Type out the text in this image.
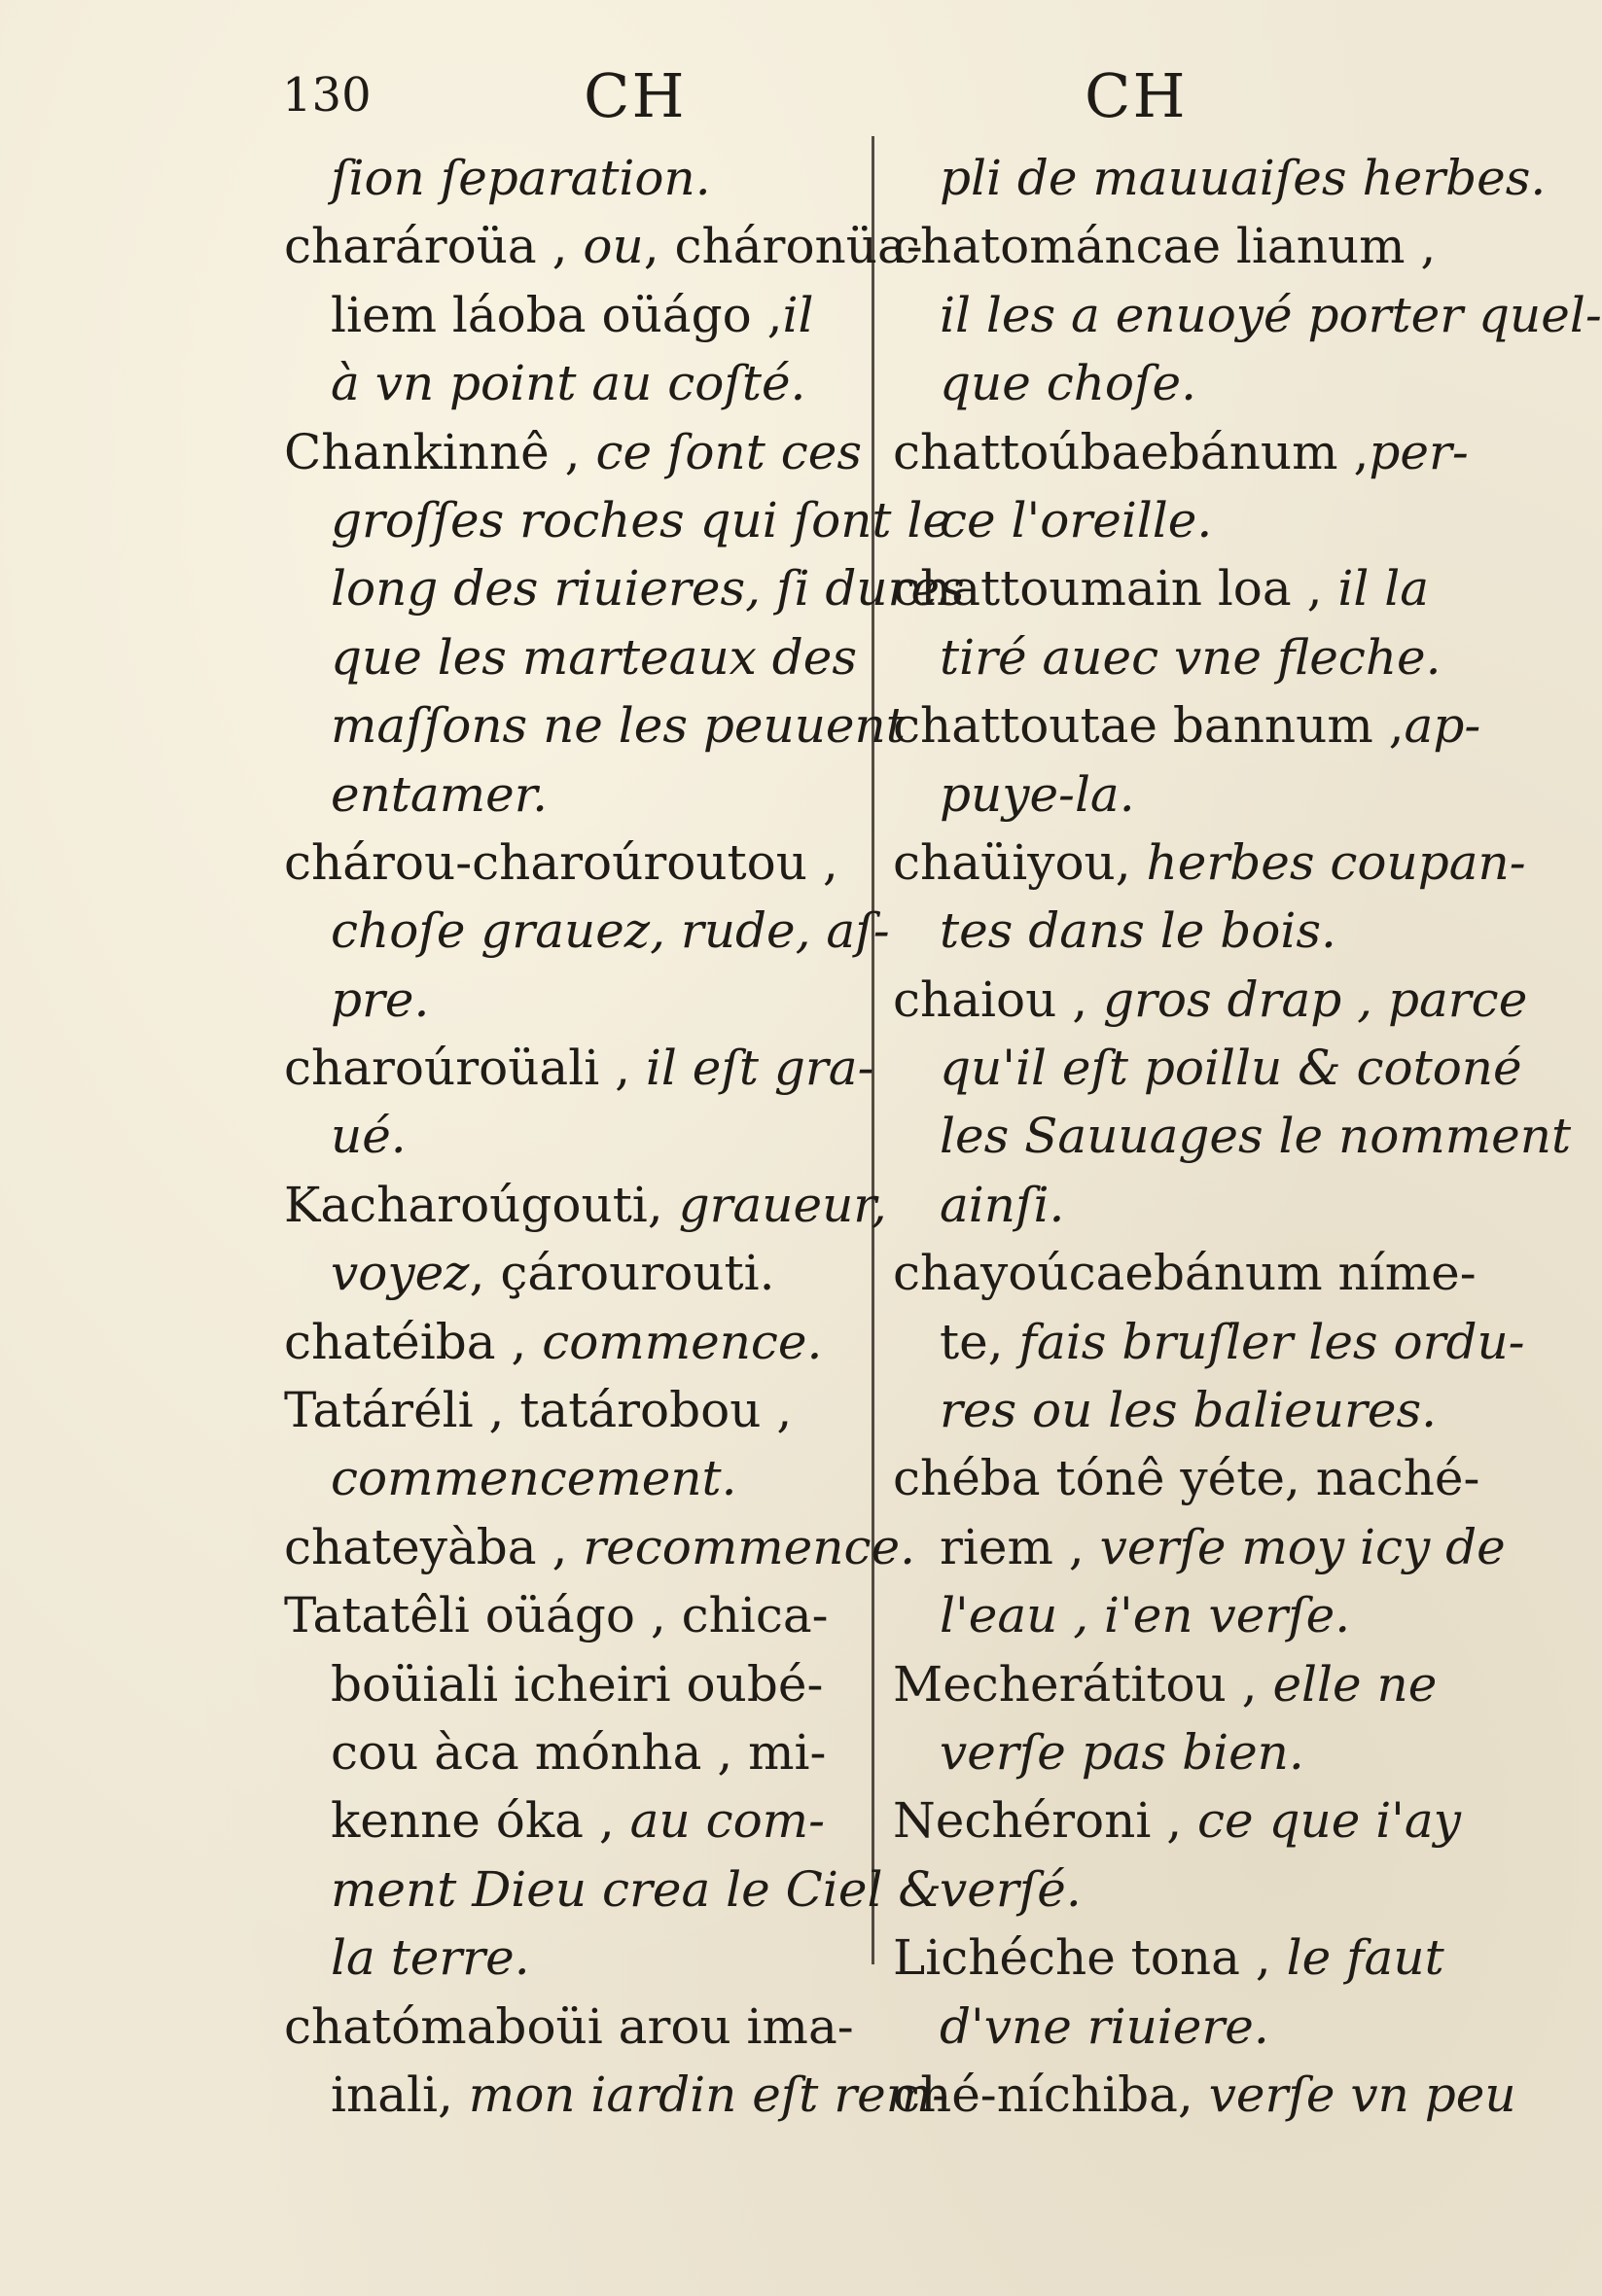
130	CH	CH
ſion ſeparation.
charároüa , ou, cháronüa-
liem láoba oüágo ,il
à vn point au coſté.
Chankinnê , ce ſont ces
groſſes roches qui ſont le
long des riuieres, ſi dures
que les marteaux des
maſſons ne les peuuent
entamer.
chárou-charoúroutou ,
choſe grauez, rude, aſ-
pre.
charoúroüali , il eſt gra-
ué.
Kacharoúgouti, graueur,
voyez, çárourouti.
chatéiba , commence.
Tatáréli , tatárobou ,
commencement.
chateyàba , recommence.
Tatatêli oüágo , chica-
boüiali icheiri oubé-
cou àca mónha , mi-
kenne óka , au com-
ment Dieu crea le Ciel &
la terre.
chatómaboüi arou ima-
inali, mon iardin eſt rem-
pli de mauuaiſes herbes.
chatománcae lianum ,
il les a enuoyé porter quel-
que choſe.
chattoúbaebánum ,per-
ce l'oreille.
chattoumain loa , il la
tiré auec vne fleche.
chattoutae bannum ,ap-
puye-la.
chaüiyou, herbes coupan-
tes dans le bois.
chaiou , gros drap , parce
qu'il eſt poillu & cotoné
les Sauuages le nomment
ainſi.
chayoúcaebánum níme-
te, fais bruſler les ordu-
res ou les balieures.
chéba tónê yéte, naché-
riem , verſe moy icy de
l'eau , i'en verſe.
Mecherátitou , elle ne
verſe pas bien.
Nechéroni , ce que i'ay
verſé.
Lichéche tona , le faut
d'vne riuiere.
ché-níchiba, verſe vn peu
